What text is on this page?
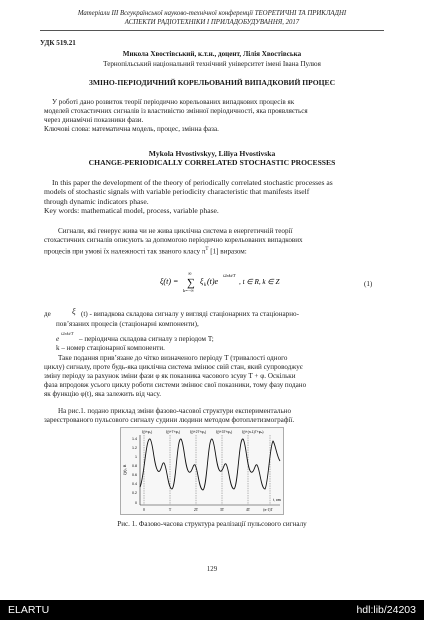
Матеріали ІІІ Всеукраїнської науково-технічної конференції ТЕОРЕТИЧНІ ТА ПРИКЛАДНІ
АСПЕКТИ РАДІОТЕХНІКИ І ПРИЛАДОБУДУВАННЯ, 2017
УДК 519.21
Микола Хвостівський, к.т.н., доцент, Лілія Хвостівська
Тернопільський національний технічний університет імені Івана Пулюя
ЗМІНО-ПЕРІОДИЧНИЙ КОРЕЛЬОВАНИЙ ВИПАДКОВИЙ ПРОЦЕС
У роботі дано розвиток теорії періодично корельованих випадкових процесів як
моделей стохастичних сигналів із властивістю змінної періодичності, яка проявляється
через динамічні показники фази.
Ключові слова: математична модель, процес, змінна фаза.
Mykola Hvostivskyy, Liliya Hvostivska
CHANGE-PERIODICALLY CORRELATED STOCHASTIC PROCESSES
In this paper the development of the theory of periodically correlated stochastic processes as
models of stochastic signals with variable periodicity characteristic that manifests itself
through dynamic indicators phase.
Key words: mathematical model, process, variable phase.
Сигнали, які генерує жива чи не жива циклічна система в енергетичній теорії
стохастичних сигналів описують за допомогою періодично корельованих випадкових
процесів при умові їх належності так званого класу $\pi^T$ [1] виразом:
ξ(t) =
∞
∑
k=−∞
ξ k (t)e
i2πkt/T
, t ∈ R, k ∈ Z	(1)
де ξ (t) - випадкова складова сигналу у вигляді стаціонарних та стаціонарно-
пов’язаних процесів (стаціонарні компоненти),
e
i2πkt/T
– періодична складова сигналу з періодом T;
k – номер стаціонарної компоненти.
Таке подання прив’язане до чітко визначеного періоду T (тривалості одного
циклу) сигналу, проте будь-яка циклічна система змінює свій стан, який супроводжує
зміну періоду за рахунок зміни фази φ як показника часового зсуву T + φ. Оскільки
фаза впродовж усього циклу роботи системи змінює свої показники, тому фазу подано
як функцію φ(t), яка залежить від часу.
На рис.1. подано приклад зміни фазово-часової структури експериментально
зареєстрованого пульсового сигналу судини людини методом фотоплетизмографії.
1.4
1.2
1
0.8
0.6
0.4
0.2
0
ξ(t), B
ξ(t+φ₀)	ξ(t+T+φ₁)	ξ(t+2T+φ₂)	ξ(t+3T+φ₃)	ξ(t+(n-1)T+φₙ)
0	T	2T	3T	4T	(n-1)T
t, сек
Рис. 1. Фазово-часова структура реалізації пульсового сигналу
129
ELARTU	hdl:lib/24203
